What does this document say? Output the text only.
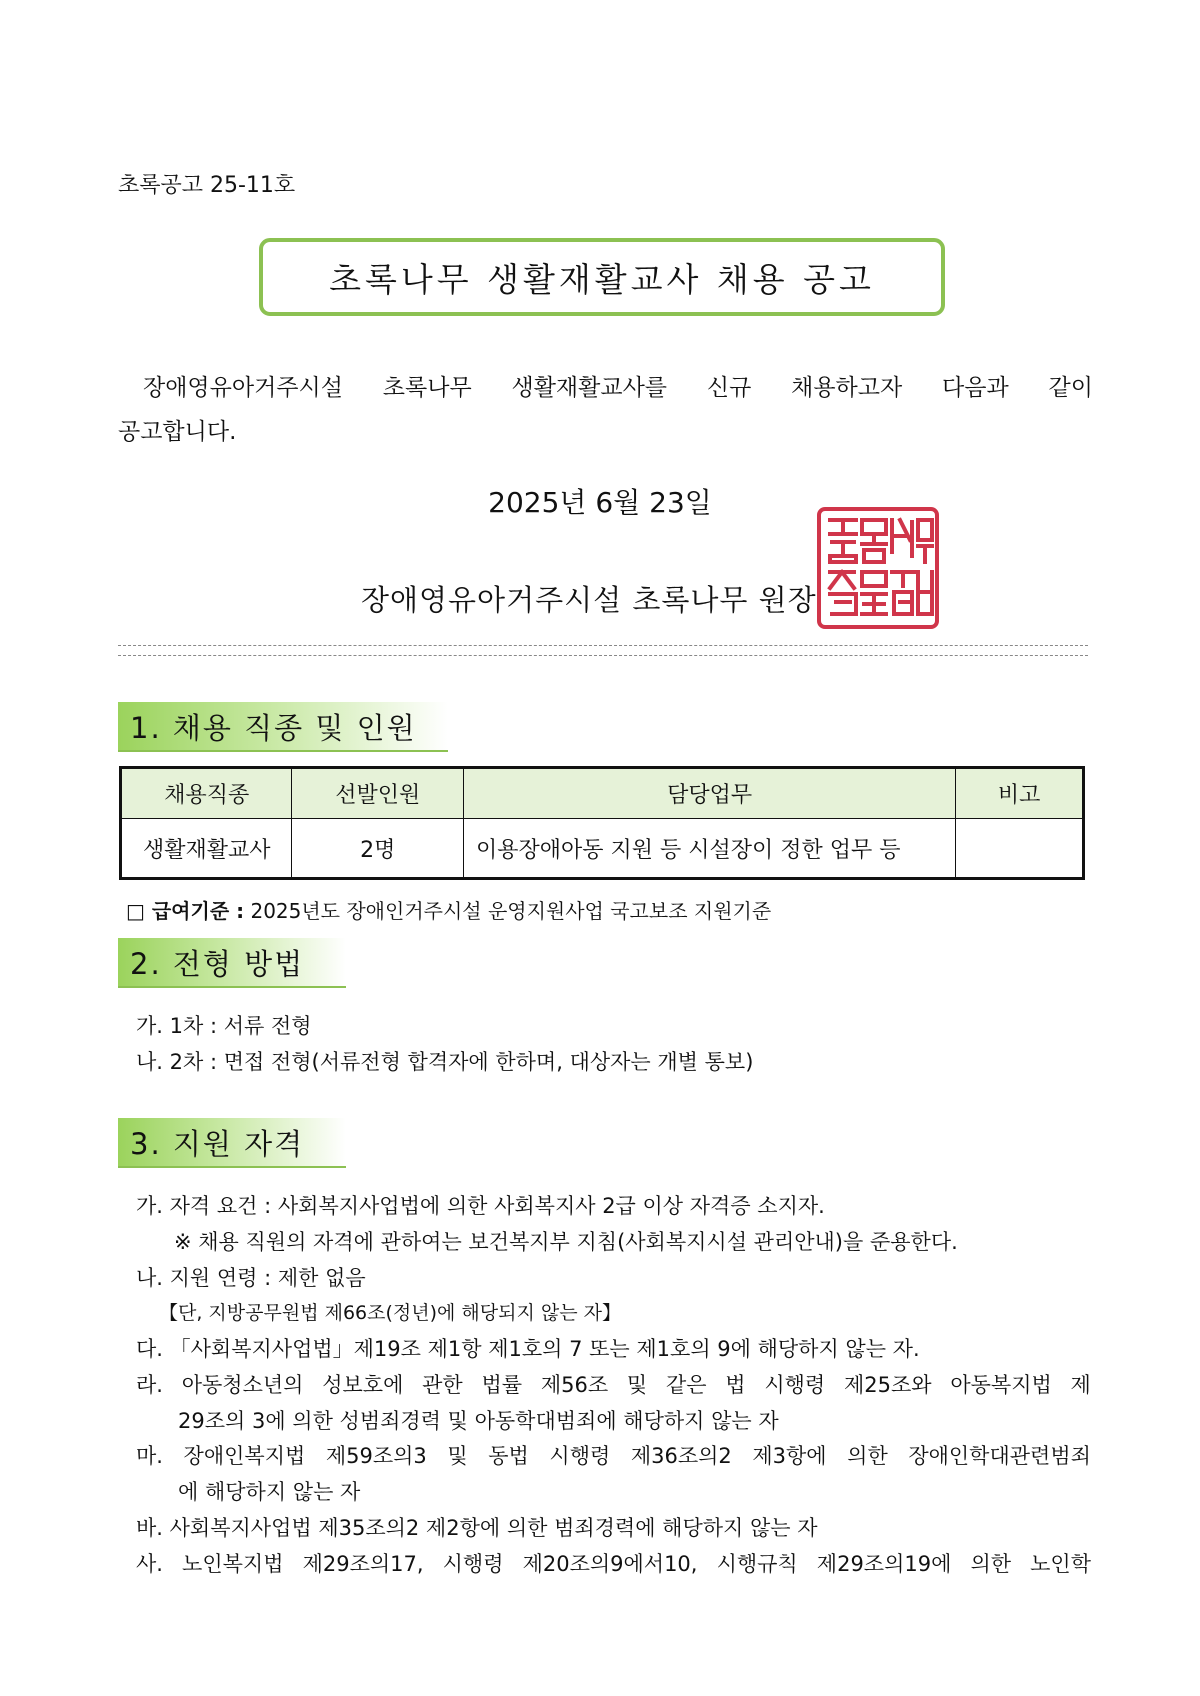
초록공고 25-11호
초록나무 생활재활교사 채용 공고
장애영유아거주시설 초록나무 생활재활교사를 신규 채용하고자 다음과 같이
공고합니다.
2025년 6월 23일
장애영유아거주시설 초록나무 원장
1. 채용 직종 및 인원
채용직종	선발인원	담당업무	비고
생활재활교사	2명	이용장애아동 지원 등 시설장이 정한 업무 등	
□ 급여기준 : 2025년도 장애인거주시설 운영지원사업 국고보조 지원기준
2. 전형 방법
가. 1차 : 서류 전형
나. 2차 : 면접 전형(서류전형 합격자에 한하며, 대상자는 개별 통보)
3. 지원 자격
가. 자격 요건 : 사회복지사업법에 의한 사회복지사 2급 이상 자격증 소지자.
※ 채용 직원의 자격에 관하여는 보건복지부 지침(사회복지시설 관리안내)을 준용한다.
나. 지원 연령 : 제한 없음
【단, 지방공무원법 제66조(정년)에 해당되지 않는 자】
다. 「사회복지사업법」제19조 제1항 제1호의 7 또는 제1호의 9에 해당하지 않는 자.
라. 아동청소년의 성보호에 관한 법률 제56조 및 같은 법 시행령 제25조와 아동복지법 제
29조의 3에 의한 성범죄경력 및 아동학대범죄에 해당하지 않는 자
마. 장애인복지법 제59조의3 및 동법 시행령 제36조의2 제3항에 의한 장애인학대관련범죄
에 해당하지 않는 자
바. 사회복지사업법 제35조의2 제2항에 의한 범죄경력에 해당하지 않는 자
사. 노인복지법 제29조의17, 시행령 제20조의9에서10, 시행규칙 제29조의19에 의한 노인학
